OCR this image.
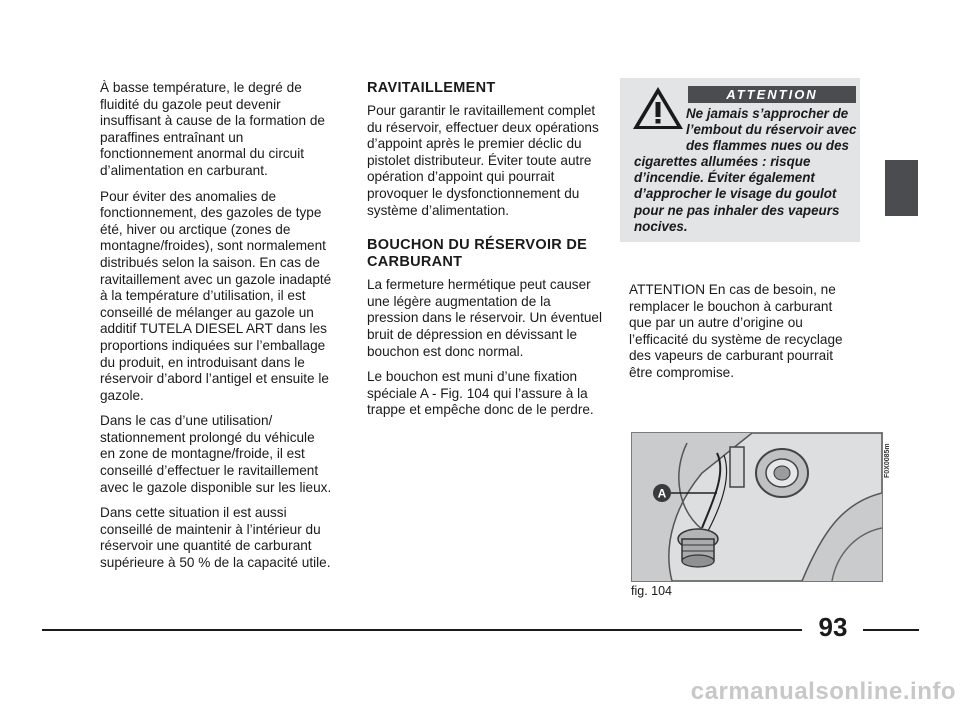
À basse température, le degré de fluidité du gazole peut devenir insuffisant à cause de la formation de paraffines entraînant un fonctionnement anormal du circuit d’alimentation en carburant.

Pour éviter des anomalies de fonctionnement, des gazoles de type été, hiver ou arctique (zones de montagne/froides), sont normalement distribués selon la saison. En cas de ravitaillement avec un gazole inadapté à la température d’utilisation, il est conseillé de mélanger au gazole un additif TUTELA DIESEL ART dans les proportions indiquées sur l’emballage du produit, en introduisant dans le réservoir d’abord l’antigel et ensuite le gazole.

Dans le cas d’une utilisation/ stationnement prolongé du véhicule en zone de montagne/froide, il est conseillé d’effectuer le ravitaillement avec le gazole disponible sur les lieux.

Dans cette situation il est aussi conseillé de maintenir à l’intérieur du réservoir une quantité de carburant supérieure à 50 % de la capacité utile.

RAVITAILLEMENT

Pour garantir le ravitaillement complet du réservoir, effectuer deux opérations d’appoint après le premier déclic du pistolet distributeur. Éviter toute autre opération d’appoint qui pourrait provoquer le dysfonctionnement du système d’alimentation.

BOUCHON DU RÉSERVOIR DE CARBURANT

La fermeture hermétique peut causer une légère augmentation de la pression dans le réservoir. Un éventuel bruit de dépression en dévissant le bouchon est donc normal.

Le bouchon est muni d’une fixation spéciale A - Fig. 104 qui l’assure à la trappe et empêche donc de le perdre.

ATTENTION
Ne jamais s’approcher de l’embout du réservoir avec des flammes nues ou des cigarettes allumées : risque d’incendie. Éviter également d’approcher le visage du goulot pour ne pas inhaler des vapeurs nocives.
ATTENTION En cas de besoin, ne remplacer le bouchon à carburant que par un autre d’origine ou l’efficacité du système de recyclage des vapeurs de carburant pourrait être compromise.
A
F0X0085m
fig. 104
93
carmanualsonline.info
